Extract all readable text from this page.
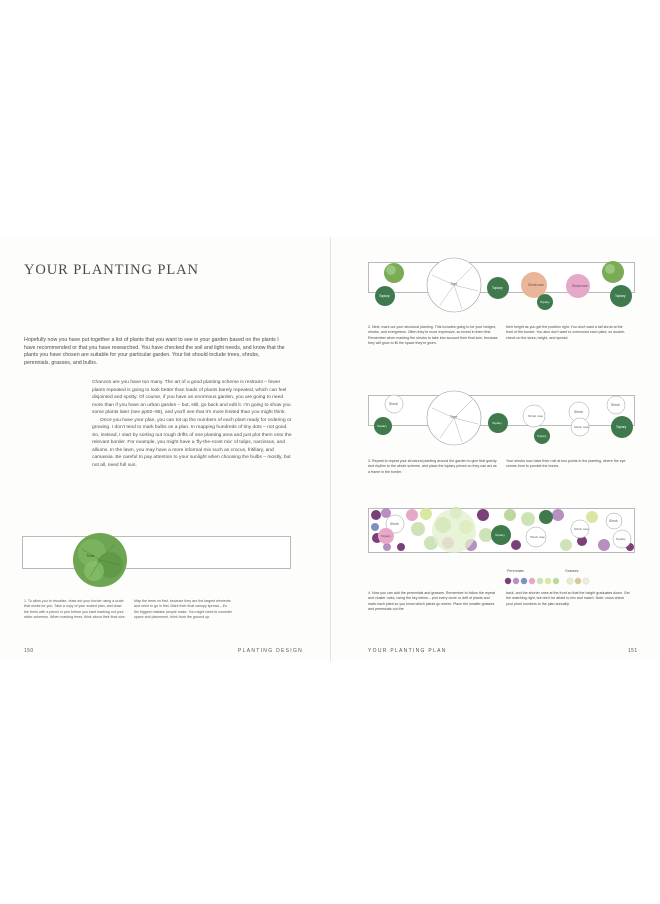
YOUR PLANTING PLAN
Hopefully now you have put together a list of plants that you want to see in your garden based on the plants I have recommended or that you have researched. You have checked the soil and light needs, and know that the plants you have chosen are suitable for your particular garden. Your list should include trees, shrubs, perennials, grasses, and bulbs.

Chances are you have too many. The art of a good planting scheme is restraint – fewer plants repeated is going to look better than loads of plants barely repeated, which can feel disjointed and spotty. Of course, if you have an enormous garden, you are going to need more than if you have an urban garden – but, still, go back and edit it. I'm going to show you some plants later (see pp92–95), and you'll see that it's more limited than you might think.

Once you have your plan, you can tot up the numbers of each plant ready for ordering or growing. I don't tend to mark bulbs on a plan. In mapping hundreds of tiny dots – not good. So, instead, I start by sorting out rough drifts of one planting area and just plot them onto the relevant border. For example, you might have a 'fly-the-roost mix' of tulips, narcissus, and alliums. In the lawn, you may have a more informal mix such as crocus, fritillary, and camassia. Be careful to pay attention to your sunlight when choosing the bulbs – mostly, but not all, need full sun.

Tree
1. To allow you to visualise, draw out your border using a scale that works for you. Take a copy of your scaled plan, and draw the trees with a pencil or pen before you start marking out your wider schemes. When marking trees, think about their final size.
Map the trees on first, because they are the largest elements and need to go in first. Mark their final canopy spread – it's the biggest mistake people make. You might need to consider space and placement, think from the ground up.
150	PLANTING DESIGN
Tree
Topiary
Topiary
Shrub rose
Topiary
Shrub rose
Topiary
2. Next, mark out your structural planting. This includes going to be your hedges, shrubs, and evergreens. Often they're more expensive, so invest in them first. Remember when marking the shrubs to take into account their final size, because they will grow to fill the space they're given.
their height as you get the position right. You don't want a tall shrub at the front of the border. You also don't want to overcrowd each plant, so double-check on the sizes, height, and spread.
Tree
Shrub
Topiary
Topiary
Shrub rose
Topiary
Shrub
Shrub rose
Shrub
Topiary
3. Repeat to repeat your structural planting around the garden to give that gravity and rhythm to the whole scheme, and place the topiary pieces so they can act as a frame in the border.
Your shrubs now have their role at two points in the planting, where the eye comes from to provide the bones.
Shrub
Topiary	Topiary	Shrub rose
Shrub rose
Shrub
Topiary
Perennials	Grasses
4. Now you can add the perennials and grasses. Remember to follow the repeat and cluster rules, using the key below – plot every circle or drift of plants and mark each plant so you know which plants go where. Place the smaller grasses and perennials out the
back, and the shorter ones at the front so that the height graduates down. Get the matching right, but don't be afraid to mix and match. Note: cross check your plant numbers to the plan annually.
YOUR PLANTING PLAN	151
